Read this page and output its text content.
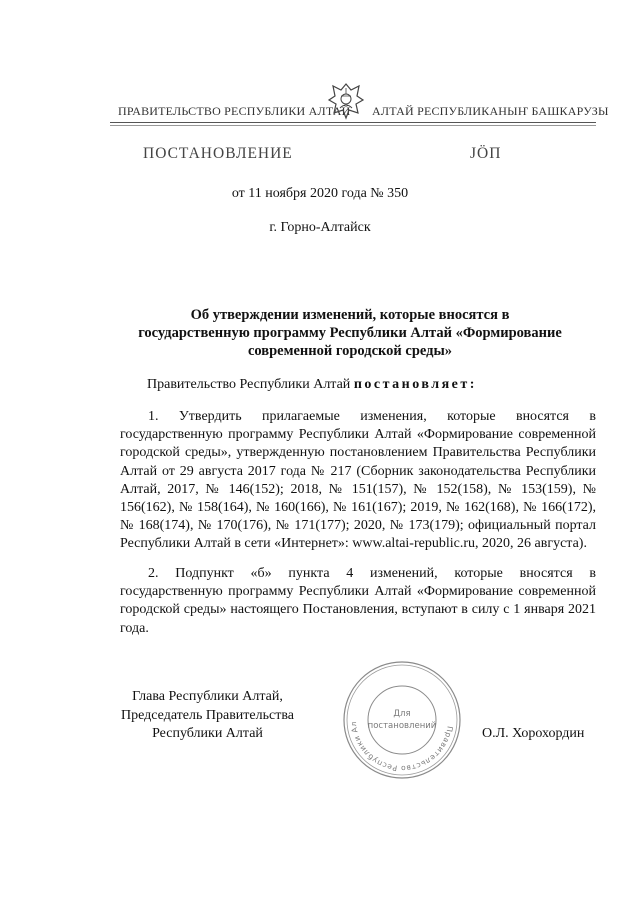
ПРАВИТЕЛЬСТВО РЕСПУБЛИКИ АЛТАЙ АЛТАЙ РЕСПУБЛИКАНЫҤ БАШКАРУЗЫ
ПОСТАНОВЛЕНИЕ	ЈӦП
от 11 ноября 2020 года № 350
г. Горно-Алтайск
Об утверждении изменений, которые вносятся в
государственную программу Республики Алтай «Формирование
современной городской среды»
Правительство Республики Алтай постановляет:

1. Утвердить прилагаемые изменения, которые вносятся в государственную программу Республики Алтай «Формирование современной городской среды», утвержденную постановлением Правительства Республики Алтай от 29 августа 2017 года № 217 (Сборник законодательства Республики Алтай, 2017, № 146(152); 2018, № 151(157), № 152(158), № 153(159), № 156(162), № 158(164), № 160(166), № 161(167); 2019, № 162(168), № 166(172), № 168(174), № 170(176), № 171(177); 2020, № 173(179); официальный портал Республики Алтай в сети «Интернет»: www.altai-republic.ru, 2020, 26 августа).

2. Подпункт «б» пункта 4 изменений, которые вносятся в государственную программу Республики Алтай «Формирование современной городской среды» настоящего Постановления, вступают в силу с 1 января 2021 года.

Глава Республики Алтай,
Председатель Правительства
Республики Алтай	О.Л. Хорохордин
Правительство Республики Ал
Для
постановлений
